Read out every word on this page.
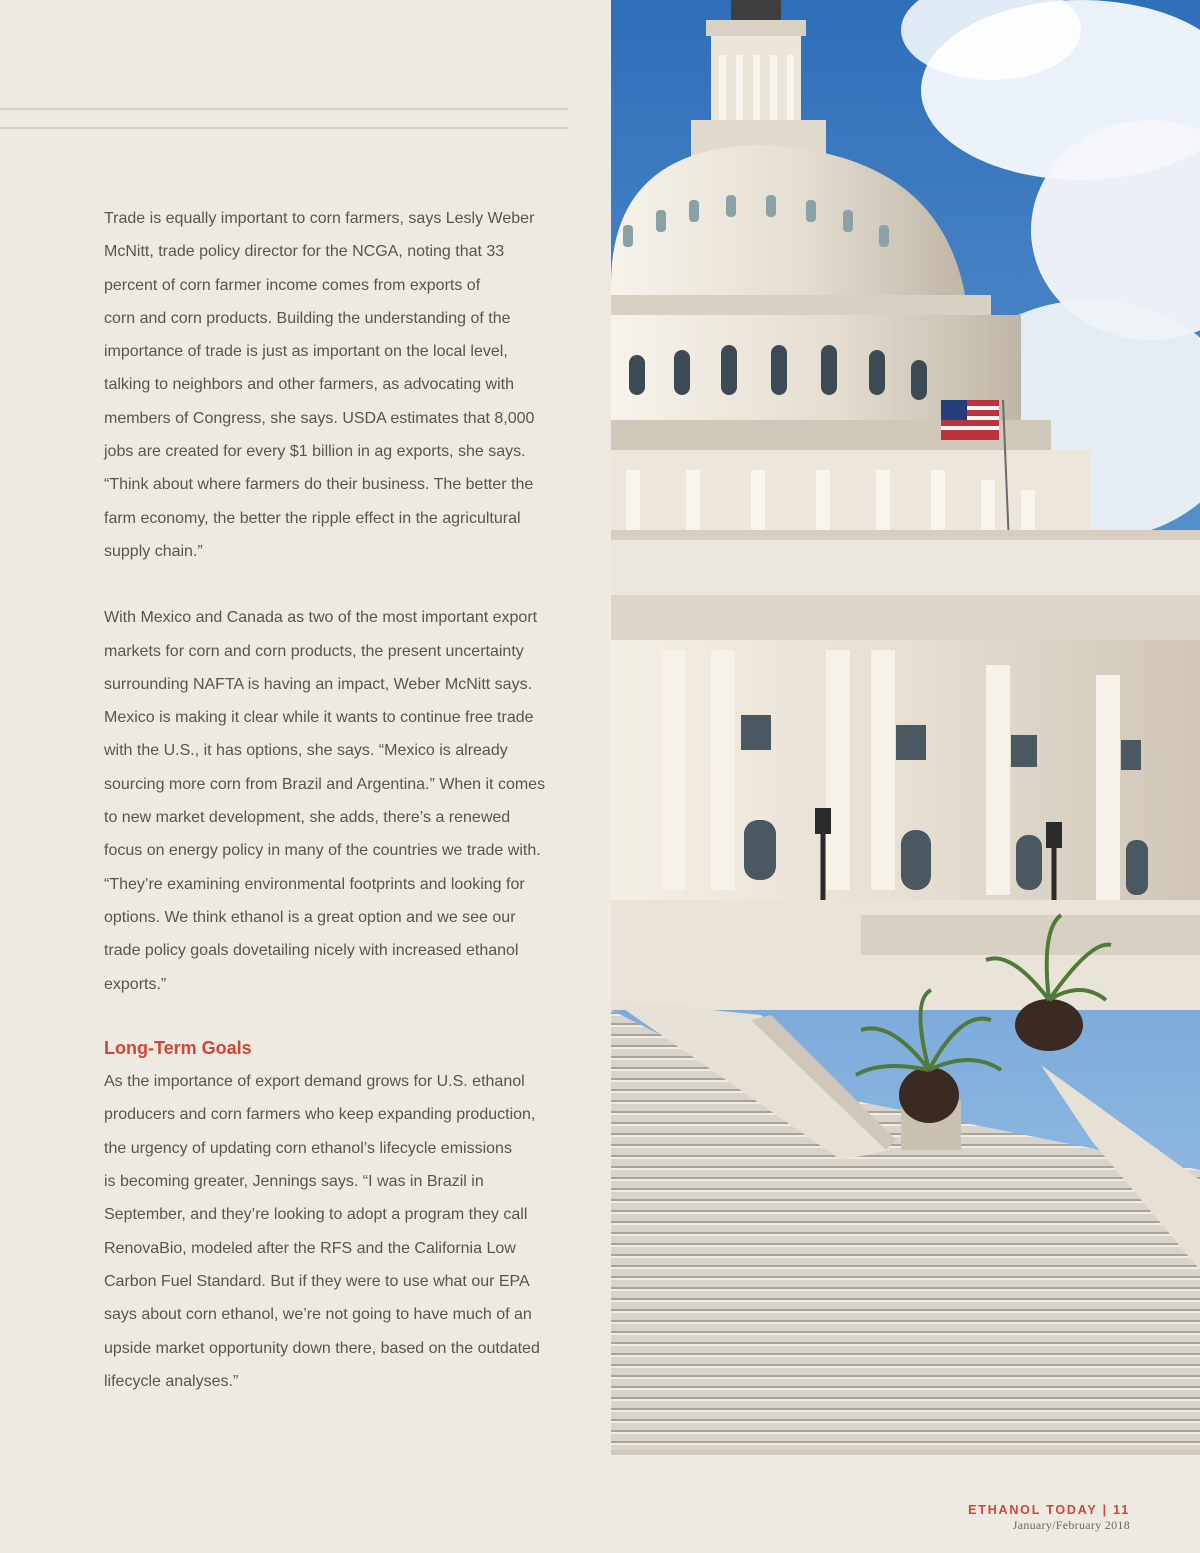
Trade is equally important to corn farmers, says Lesly Weber
McNitt, trade policy director for the NCGA, noting that 33
percent of corn farmer income comes from exports of
corn and corn products. Building the understanding of the
importance of trade is just as important on the local level,
talking to neighbors and other farmers, as advocating with
members of Congress, she says. USDA estimates that 8,000
jobs are created for every $1 billion in ag exports, she says.
“Think about where farmers do their business. The better the
farm economy, the better the ripple effect in the agricultural
supply chain.”

With Mexico and Canada as two of the most important export
markets for corn and corn products, the present uncertainty
surrounding NAFTA is having an impact, Weber McNitt says.
Mexico is making it clear while it wants to continue free trade
with the U.S., it has options, she says. “Mexico is already
sourcing more corn from Brazil and Argentina.” When it comes
to new market development, she adds, there’s a renewed
focus on energy policy in many of the countries we trade with.
“They’re examining environmental footprints and looking for
options. We think ethanol is a great option and we see our
trade policy goals dovetailing nicely with increased ethanol
exports.”

Long-Term Goals

As the importance of export demand grows for U.S. ethanol
producers and corn farmers who keep expanding production,
the urgency of updating corn ethanol’s lifecycle emissions
is becoming greater, Jennings says. “I was in Brazil in
September, and they’re looking to adopt a program they call
RenovaBio, modeled after the RFS and the California Low
Carbon Fuel Standard. But if they were to use what our EPA
says about corn ethanol, we’re not going to have much of an
upside market opportunity down there, based on the outdated
lifecycle analyses.”

ETHANOL TODAY | 11
January/February 2018
